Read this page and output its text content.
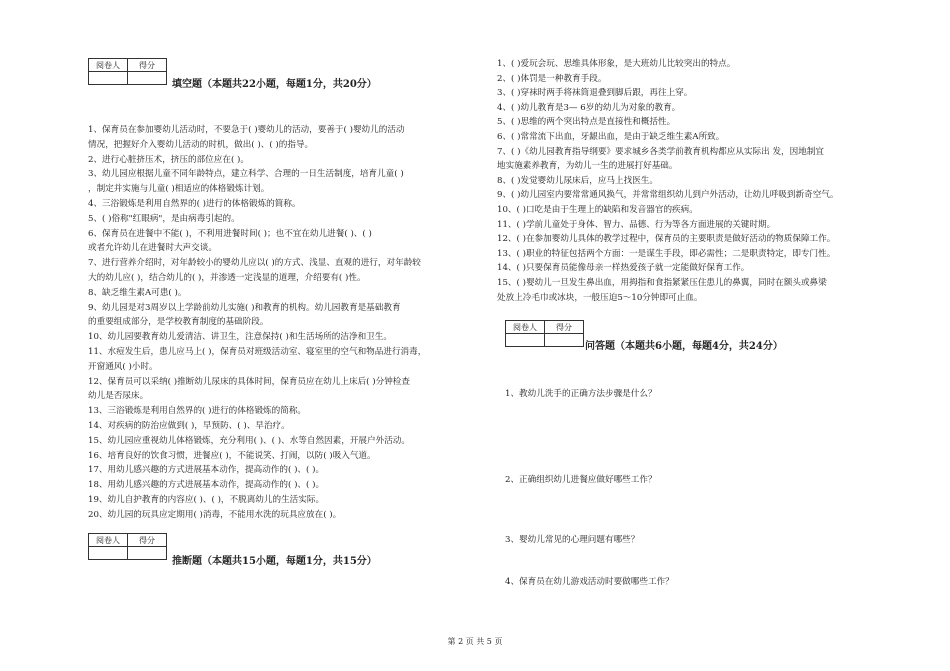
阅卷人	得分

填空题（本题共22小题，每题1分，共20分）
1、保育员在参加婴幼儿活动时，不要急于( )婴幼儿的活动，要善于( )婴幼儿的活动
情况，把握好介入婴幼儿活动的时机，做出( )、( )的指导。
2、进行心脏挤压术，挤压的部位应在( )。
3、幼儿园应根据儿童不同年龄特点，建立科学、合理的一日生活制度，培育儿童( )
，制定并实施与儿童( )相适应的体格锻炼计划。
4、三浴锻炼是利用自然界的( )进行的体格锻炼的简称。
5、( )俗称"红眼病"，是由病毒引起的。
6、保育员在进餐中不能( )，不利用进餐时间( )；也不宜在幼儿进餐( )、( )
或者允许幼儿在进餐时大声交谈。
7、进行营养介绍时，对年龄较小的婴幼儿应以( )的方式、浅显、直观的进行，对年龄较
大的幼儿应( )，结合幼儿的( )，并渗透一定浅显的道理，介绍要有( )性。
8、缺乏维生素A可患( )。
9、幼儿园是对3周岁以上学龄前幼儿实施( )和教育的机构。幼儿园教育是基础教育
的重要组成部分，是学校教育制度的基础阶段。
10、幼儿园要教育幼儿爱清洁、讲卫生，注意保持( )和生活场所的洁净和卫生。
11、水痘发生后，患儿应马上( )，保育员对班级活动室、寝室里的空气和物品进行消毒，
开窗通风( )小时。
12、保育员可以采纳( )推断幼儿尿床的具体时间，保育员应在幼儿上床后( )分钟检查
幼儿是否尿床。
13、三浴锻炼是利用自然界的( )进行的体格锻炼的简称。
14、对疾病的防治应做到( )，早预防、( )、早治疗。
15、幼儿园应重视幼儿体格锻炼，充分利用( )、( )、水等自然因素，开展户外活动。
16、培育良好的饮食习惯，进餐应( )，不能说笑、打闹，以防( )吸入气道。
17、用幼儿感兴趣的方式进展基本动作，提高动作的( )、( )。
18、用幼儿感兴趣的方式进展基本动作，提高动作的( )、( )。
19、幼儿自护教育的内容应( )、( )，不脱离幼儿的生活实际。
20、幼儿园的玩具应定期用( )消毒，不能用水洗的玩具应放在( )。
阅卷人	得分

推断题（本题共15小题，每题1分，共15分）
1、( )爱玩会玩、思维具体形象，是大班幼儿比较突出的特点。
2、( )体罚是一种教育手段。
3、( )穿袜时两手将袜筒退叠到脚后跟，再往上穿。
4、( )幼儿教育是3— 6岁的幼儿为对象的教育。
5、( )思维的两个突出特点是直接性和概括性。
6、( )常常流下出血，牙龈出血，是由于缺乏维生素A所致。
7、( )《幼儿园教育指导纲要》要求城乡各类学前教育机构都应从实际出 发，因地制宜
地实施素养教育，为幼儿一生的进展打好基础。
8、( )发觉婴幼儿尿床后，应马上找医生。
9、( )幼儿园室内要常常通风换气，并常常组织幼儿到户外活动，让幼儿呼吸到新奇空气。
10、( )口吃是由于生理上的缺陷和发音器官的疾病。
11、( )学前儿童处于身体、智力、品德、行为等各方面进展的关键时期。
12、( )在参加婴幼儿具体的教学过程中，保育员的主要职责是做好活动的物质保障工作。
13、( )职业的特征包括两个方面：一是谋生手段，即必需性；二是职责特定，即专门性。
14、( )只要保育员能像母亲一样热爱孩子就一定能做好保育工作。
15、( )婴幼儿一旦发生鼻出血，用拇指和食指紧紧压住患儿的鼻翼，同时在额头或鼻梁
处放上冷毛巾或冰块，一般压迫5～10分钟即可止血。
阅卷人	得分

问答题（本题共6小题，每题4分，共24分）
1、教幼儿洗手的正确方法步骤是什么？
2、正确组织幼儿进餐应做好哪些工作？
3、婴幼儿常见的心理问题有哪些？
4、保育员在幼儿游戏活动时要做哪些工作？
第 2 页 共 5 页
